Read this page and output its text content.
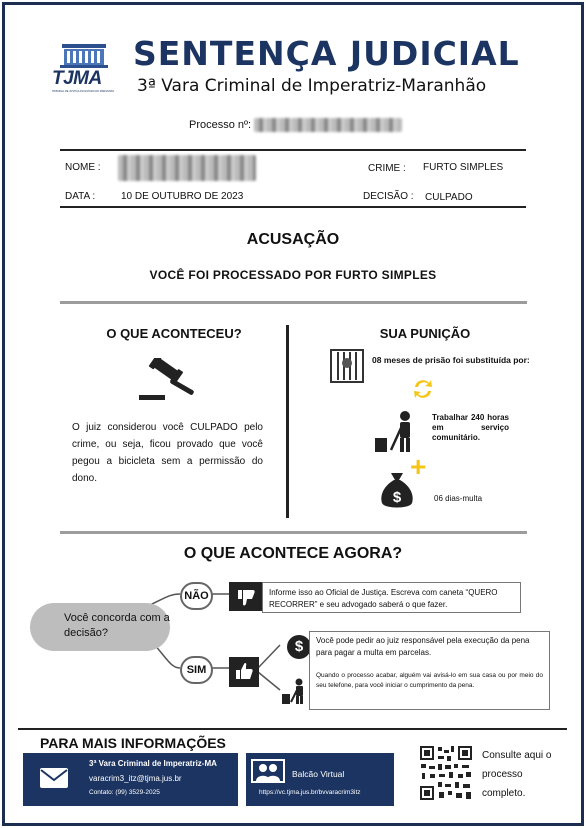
TJMA
TRIBUNAL DE JUSTIÇA DO ESTADO DO MARANHÃO
SENTENÇA JUDICIAL
3ª Vara Criminal de Imperatriz-Maranhão
Processo nº:
NOME :	CRIME : FURTO SIMPLES
DATA :	10 DE OUTUBRO DE 2023	DECISÃO : CULPADO
ACUSAÇÃO
VOCÊ FOI PROCESSADO POR FURTO SIMPLES
O QUE ACONTECEU?
O juiz considerou você CULPADO pelo crime, ou seja, ficou provado que você pegou a bicicleta sem a permissão do dono.
SUA PUNIÇÃO
08 meses de prisão foi substituída por:
Trabalhar 240 horas em serviço comunitário.
+
$	06 dias-multa
O QUE ACONTECE AGORA?
Você concorda com a decisão?
NÃO	Informe isso ao Oficial de Justiça. Escreva com caneta “QUERO RECORRER” e seu advogado saberá o que fazer.
SIM
$	Você pode pedir ao juiz responsável pela execução da pena para pagar a multa em parcelas.
Quando o processo acabar, alguém vai avisá-lo em sua casa ou por meio do seu telefone, para você iniciar o cumprimento da pena.
PARA MAIS INFORMAÇÕES
3ª Vara Criminal de Imperatriz-MA
varacrim3_itz@tjma.jus.br
Contato: (99) 3529-2025
Balcão Virtual
https://vc.tjma.jus.br/bvvaracrim3itz
Consulte aqui o processo completo.
